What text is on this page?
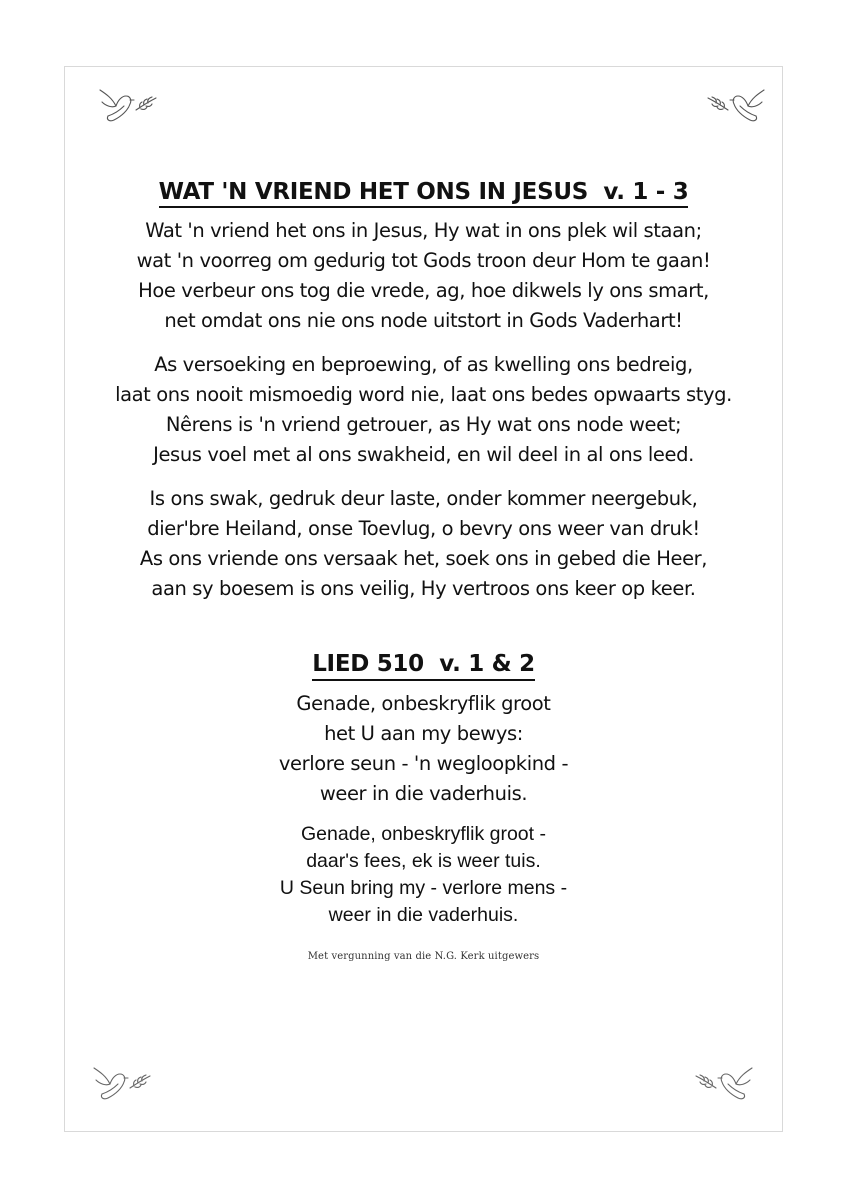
WAT 'N VRIEND HET ONS IN JESUS  v. 1 - 3
Wat 'n vriend het ons in Jesus, Hy wat in ons plek wil staan;
wat 'n voorreg om gedurig tot Gods troon deur Hom te gaan!
Hoe verbeur ons tog die vrede, ag, hoe dikwels ly ons smart,
net omdat ons nie ons node uitstort in Gods Vaderhart!
As versoeking en beproewing, of as kwelling ons bedreig,
laat ons nooit mismoedig word nie, laat ons bedes opwaarts styg.
Nêrens is 'n vriend getrouer, as Hy wat ons node weet;
Jesus voel met al ons swakheid, en wil deel in al ons leed.
Is ons swak, gedruk deur laste, onder kommer neergebuk,
dier'bre Heiland, onse Toevlug, o bevry ons weer van druk!
As ons vriende ons versaak het, soek ons in gebed die Heer,
aan sy boesem is ons veilig, Hy vertroos ons keer op keer.
LIED 510  v. 1 & 2
Genade, onbeskryflik groot
het U aan my bewys:
verlore seun - 'n wegloopkind -
weer in die vaderhuis.
Genade, onbeskryflik groot -
daar's fees, ek is weer tuis.
U Seun bring my - verlore mens -
weer in die vaderhuis.
Met vergunning van die N.G. Kerk uitgewers
